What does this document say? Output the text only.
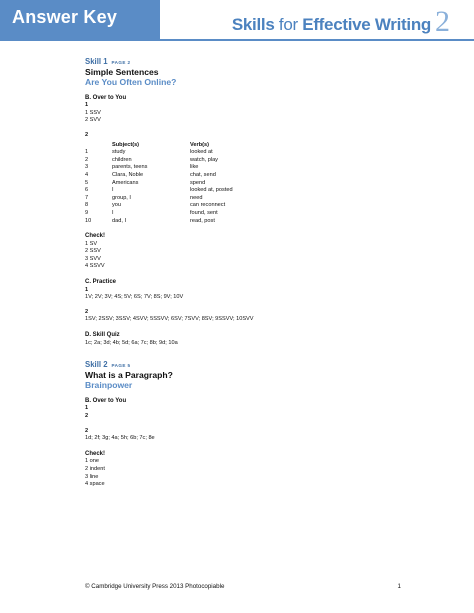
Answer Key	Skills for Effective Writing 2
Skill 1 PAGE 2
Simple Sentences
Are You Often Online?
B. Over to You
1
1 SSV
2 SVV
2
	Subject(s)	Verb(s)
1	study	looked at
2	children	watch, play
3	parents, teens	like
4	Clara, Noble	chat, send
5	Americans	spend
6	I	looked at, posted
7	group, I	need
8	you	can reconnect
9	I	found, sent
10	dad, I	read, post
Check!
1 SV
2 SSV
3 SVV
4 SSVV
C. Practice
1
1V; 2V; 3V; 4S; 5V; 6S; 7V; 8S; 9V; 10V
2
1SV; 2SSV; 3SSV; 4SVV; 5SSVV; 6SV; 7SVV; 8SV; 9SSVV; 10SVV
D. Skill Quiz
1c; 2a; 3d; 4b; 5d; 6a; 7c; 8b; 9d; 10a
Skill 2 PAGE 5
What is a Paragraph?
Brainpower
B. Over to You
1
2
2
1d; 2f; 3g; 4a; 5h; 6b; 7c; 8e
Check!
1 one
2 indent
3 line
4 space
© Cambridge University Press 2013 Photocopiable	1
